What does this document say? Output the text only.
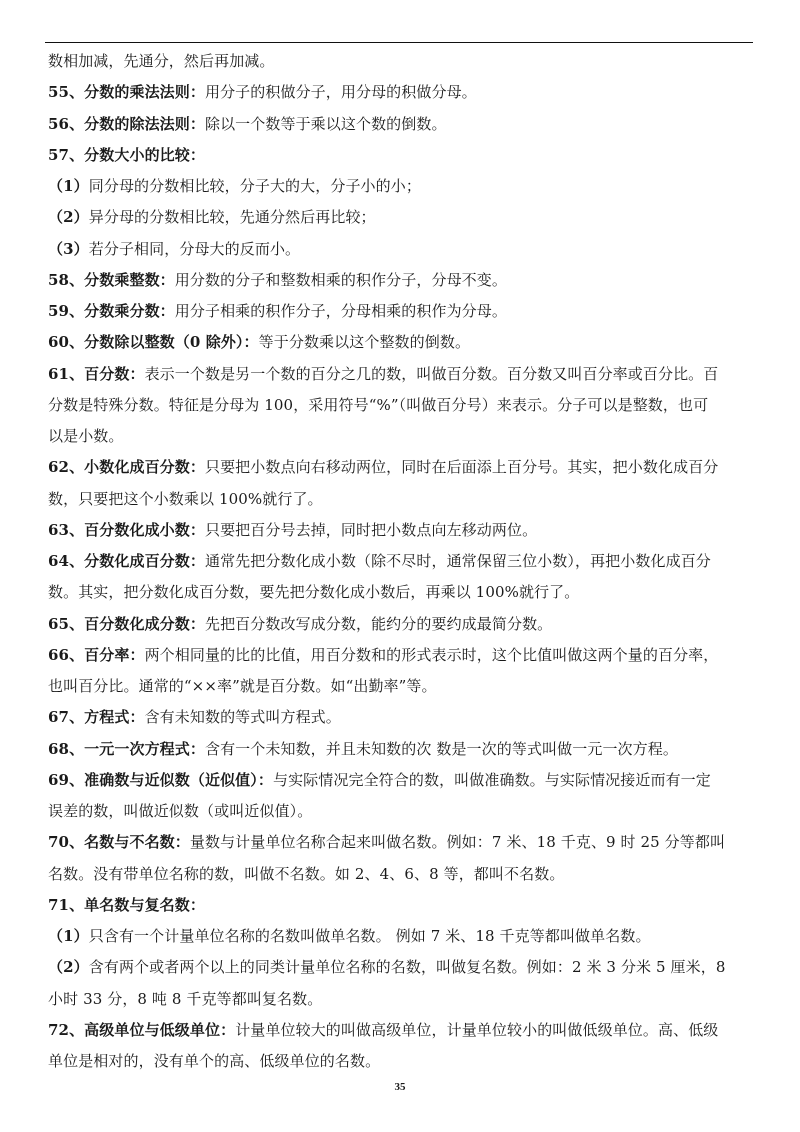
数相加减，先通分，然后再加减。
55、分数的乘法法则：用分子的积做分子，用分母的积做分母。
56、分数的除法法则：除以一个数等于乘以这个数的倒数。
57、分数大小的比较：
（1）同分母的分数相比较，分子大的大，分子小的小；
（2）异分母的分数相比较，先通分然后再比较；
（3）若分子相同，分母大的反而小。
58、分数乘整数：用分数的分子和整数相乘的积作分子，分母不变。
59、分数乘分数：用分子相乘的积作分子，分母相乘的积作为分母。
60、分数除以整数（0 除外）：等于分数乘以这个整数的倒数。
61、百分数：表示一个数是另一个数的百分之几的数，叫做百分数。百分数又叫百分率或百分比。百
分数是特殊分数。特征是分母为 100，采用符号“%”（叫做百分号）来表示。分子可以是整数，也可
以是小数。
62、小数化成百分数：只要把小数点向右移动两位，同时在后面添上百分号。其实，把小数化成百分
数，只要把这个小数乘以 100%就行了。
63、百分数化成小数：只要把百分号去掉，同时把小数点向左移动两位。
64、分数化成百分数：通常先把分数化成小数（除不尽时，通常保留三位小数），再把小数化成百分
数。其实，把分数化成百分数，要先把分数化成小数后，再乘以 100%就行了。
65、百分数化成分数：先把百分数改写成分数，能约分的要约成最简分数。
66、百分率：两个相同量的比的比值，用百分数和的形式表示时，这个比值叫做这两个量的百分率，
也叫百分比。通常的“××率”就是百分数。如“出勤率”等。
67、方程式：含有未知数的等式叫方程式。
68、一元一次方程式：含有一个未知数，并且未知数的次 数是一次的等式叫做一元一次方程。
69、准确数与近似数（近似值）：与实际情况完全符合的数，叫做准确数。与实际情况接近而有一定
误差的数，叫做近似数（或叫近似值）。
70、名数与不名数：量数与计量单位名称合起来叫做名数。例如：7 米、18 千克、9 时 25 分等都叫
名数。没有带单位名称的数，叫做不名数。如 2、4、6、8 等，都叫不名数。
71、单名数与复名数：
（1）只含有一个计量单位名称的名数叫做单名数。 例如 7 米、18 千克等都叫做单名数。
（2）含有两个或者两个以上的同类计量单位名称的名数，叫做复名数。例如：2 米 3 分米 5 厘米，8
小时 33 分，8 吨 8 千克等都叫复名数。
72、高级单位与低级单位：计量单位较大的叫做高级单位，计量单位较小的叫做低级单位。高、低级
单位是相对的，没有单个的高、低级单位的名数。
35
